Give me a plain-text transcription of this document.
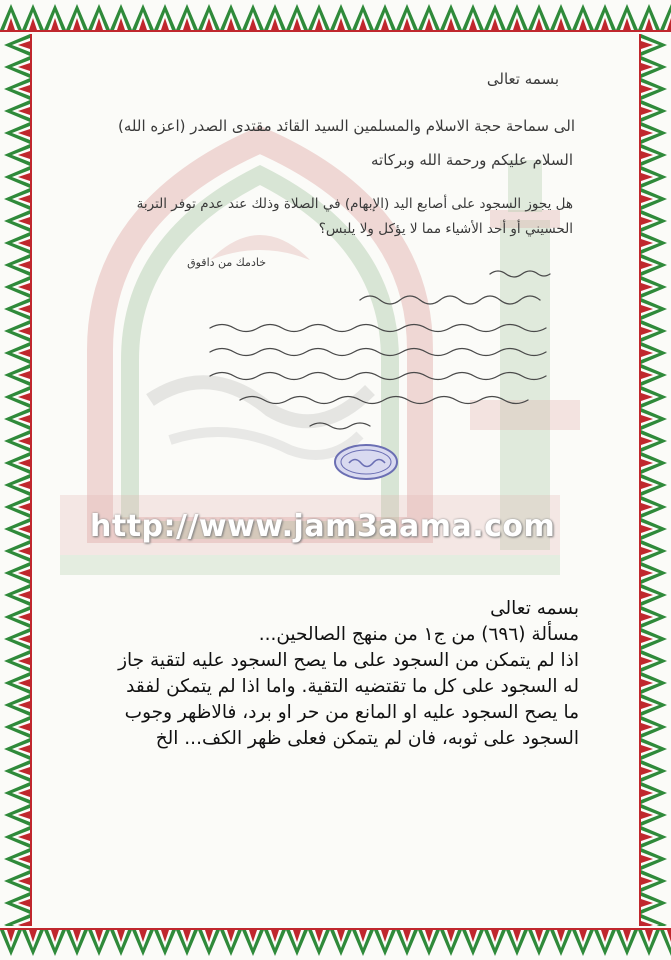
http://www.jam3aama.com
بسمه تعالى
الى سماحة حجة الاسلام والمسلمين السيد القائد مقتدى الصدر (اعزه الله)
السلام عليكم ورحمة الله وبركاته
هل يجوز السجود على أصابع اليد (الإبهام) في الصلاة وذلك عند عدم توفر التربة
الحسيني أو أحد الأشياء مما لا يؤكل ولا يلبس؟
خادمك من داقوق
بسمه تعالى
مسألة (٦٩٦) من ج١ من منهج الصالحين...
اذا لم يتمكن من السجود على ما يصح السجود عليه لتقية جاز
له السجود على كل ما تقتضيه التقية. واما اذا لم يتمكن لفقد
ما يصح السجود عليه او المانع من حر او برد، فالاظهر وجوب
السجود على ثوبه، فان لم يتمكن فعلى ظهر الكف... الخ
